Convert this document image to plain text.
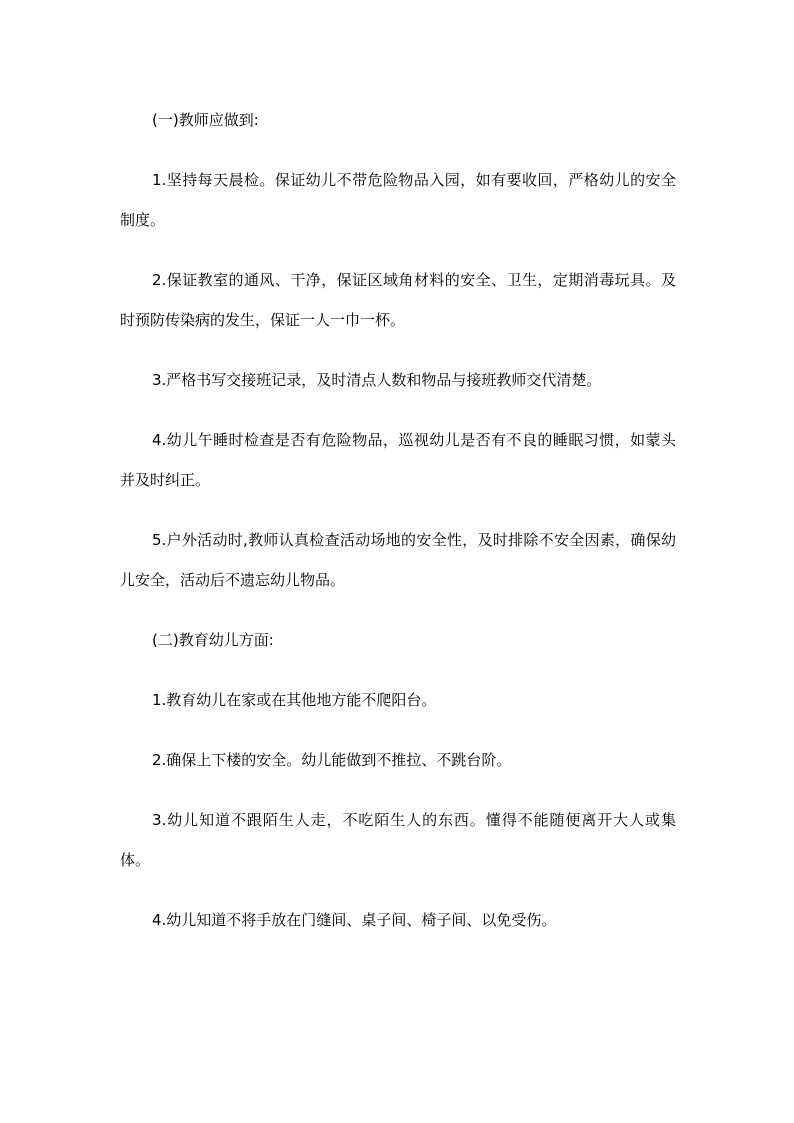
(一)教师应做到:

1.坚持每天晨检。保证幼儿不带危险物品入园，如有要收回，严格幼儿的安全制度。

2.保证教室的通风、干净，保证区域角材料的安全、卫生，定期消毒玩具。及时预防传染病的发生，保证一人一巾一杯。

3.严格书写交接班记录，及时清点人数和物品与接班教师交代清楚。

4.幼儿午睡时检查是否有危险物品，巡视幼儿是否有不良的睡眠习惯，如蒙头并及时纠正。

5.户外活动时,教师认真检查活动场地的安全性，及时排除不安全因素，确保幼儿安全，活动后不遗忘幼儿物品。

(二)教育幼儿方面:

1.教育幼儿在家或在其他地方能不爬阳台。

2.确保上下楼的安全。幼儿能做到不推拉、不跳台阶。

3.幼儿知道不跟陌生人走，不吃陌生人的东西。懂得不能随便离开大人或集体。

4.幼儿知道不将手放在门缝间、桌子间、椅子间、以免受伤。
